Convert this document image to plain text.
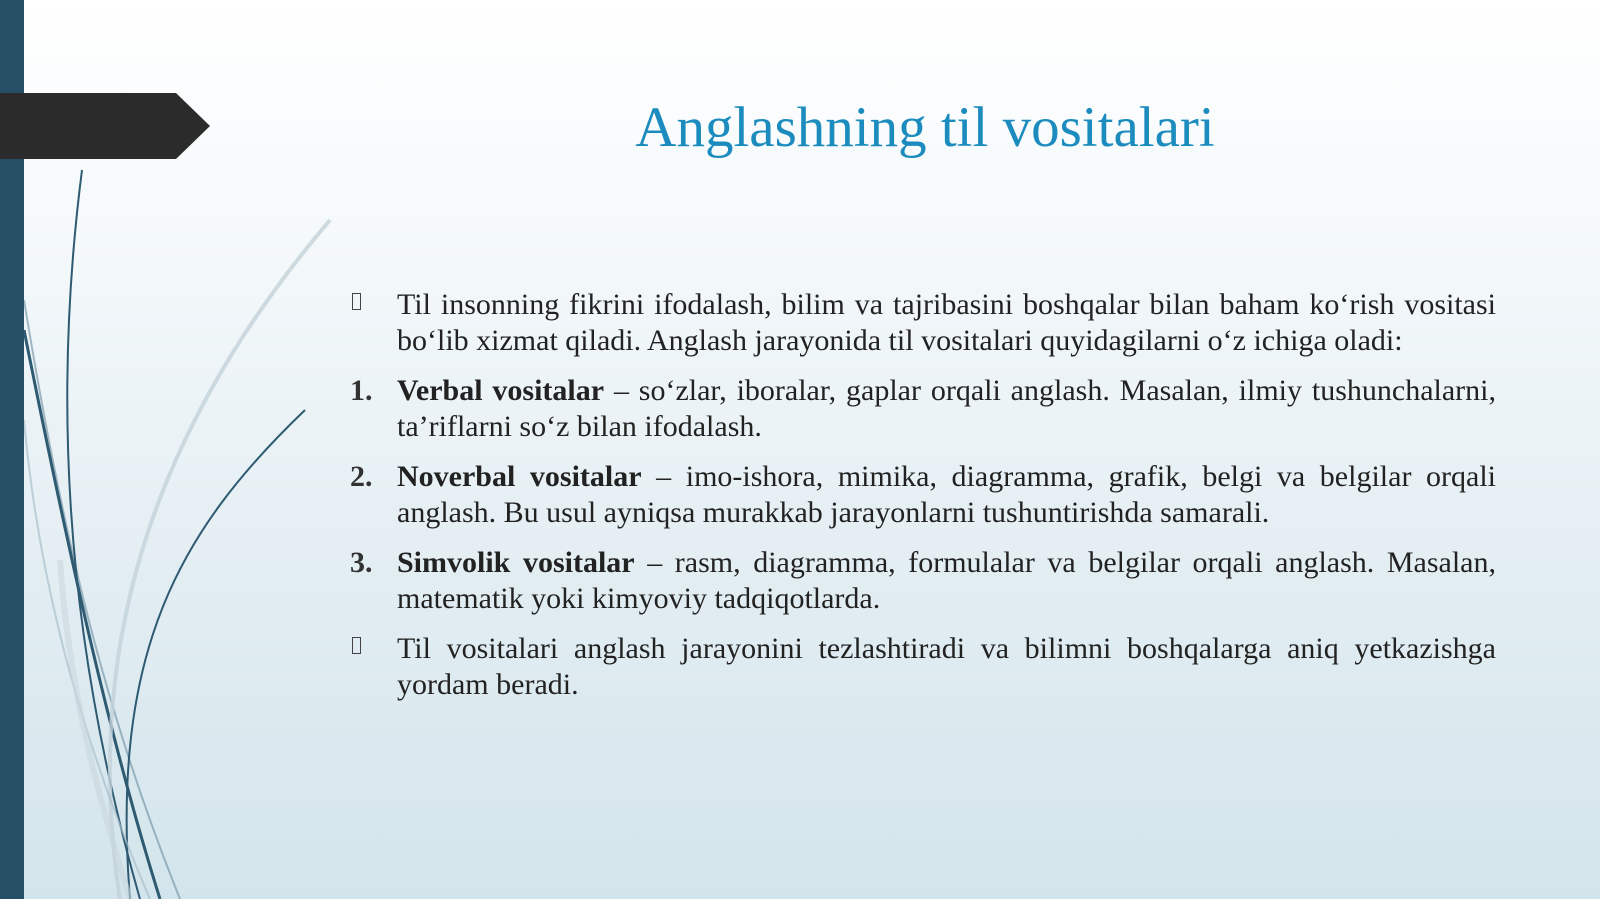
Anglashning til vositalari
Til insonning fikrini ifodalash, bilim va tajribasini boshqalar bilan baham ko‘rish vositasi bo‘lib xizmat qiladi. Anglash jarayonida til vositalari quyidagilarni o‘z ichiga oladi:
1. Verbal vositalar – so‘zlar, iboralar, gaplar orqali anglash. Masalan, ilmiy tushunchalarni, ta’riflarni so‘z bilan ifodalash.
2. Noverbal vositalar – imo-ishora, mimika, diagramma, grafik, belgi va belgilar orqali anglash. Bu usul ayniqsa murakkab jarayonlarni tushuntirishda samarali.
3. Simvolik vositalar – rasm, diagramma, formulalar va belgilar orqali anglash. Masalan, matematik yoki kimyoviy tadqiqotlarda.
Til vositalari anglash jarayonini tezlashtiradi va bilimni boshqalarga aniq yetkazishga yordam beradi.
